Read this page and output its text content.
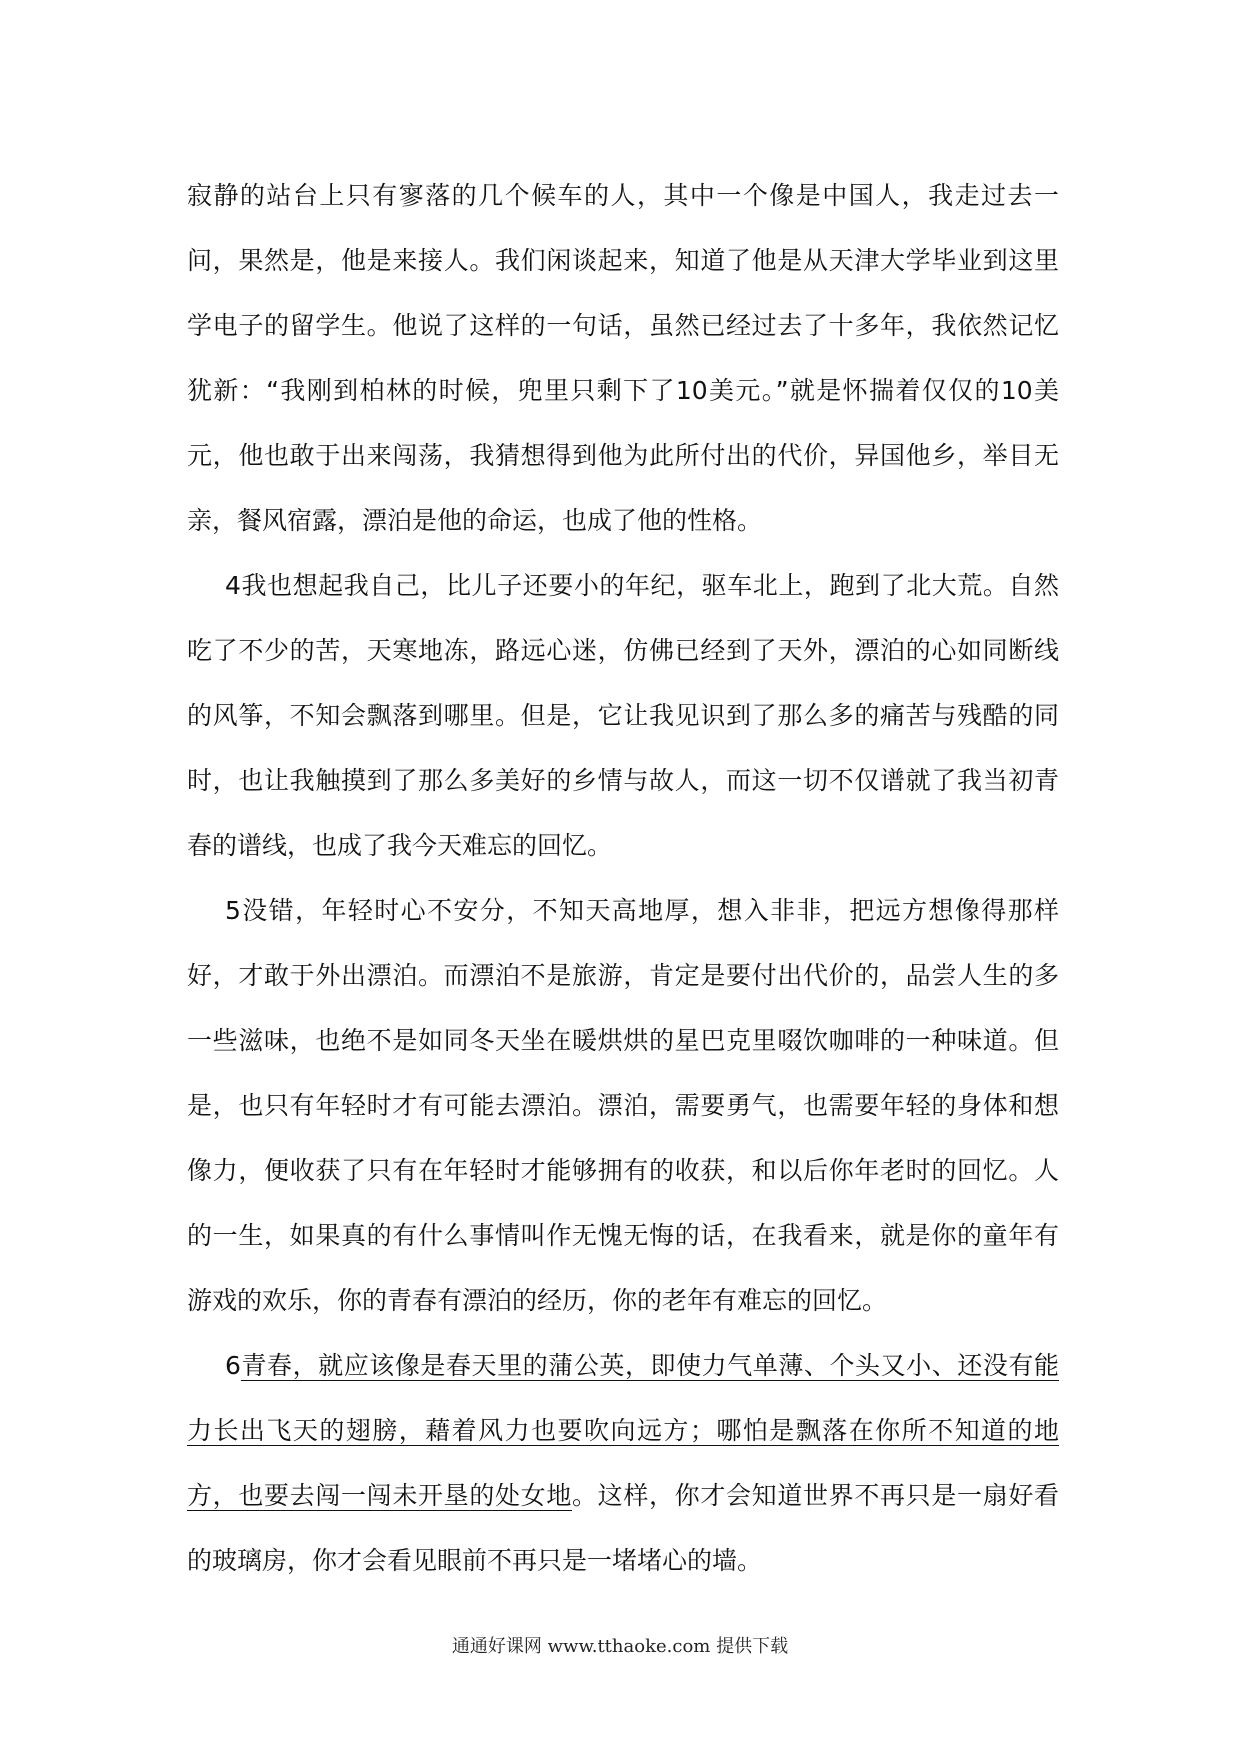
寂静的站台上只有寥落的几个候车的人，其中一个像是中国人，我走过去一问，果然是，他是来接人。我们闲谈起来，知道了他是从天津大学毕业到这里学电子的留学生。他说了这样的一句话，虽然已经过去了十多年，我依然记忆犹新：“我刚到柏林的时候，兜里只剩下了10美元。”就是怀揣着仅仅的10美元，他也敢于出来闯荡，我猜想得到他为此所付出的代价，异国他乡，举目无亲，餐风宿露，漂泊是他的命运，也成了他的性格。

4我也想起我自己，比儿子还要小的年纪，驱车北上，跑到了北大荒。自然吃了不少的苦，天寒地冻，路远心迷，仿佛已经到了天外，漂泊的心如同断线的风筝，不知会飘落到哪里。但是，它让我见识到了那么多的痛苦与残酷的同时，也让我触摸到了那么多美好的乡情与故人，而这一切不仅谱就了我当初青春的谱线，也成了我今天难忘的回忆。

5没错，年轻时心不安分，不知天高地厚，想入非非，把远方想像得那样好，才敢于外出漂泊。而漂泊不是旅游，肯定是要付出代价的，品尝人生的多一些滋味，也绝不是如同冬天坐在暖烘烘的星巴克里啜饮咖啡的一种味道。但是，也只有年轻时才有可能去漂泊。漂泊，需要勇气，也需要年轻的身体和想像力，便收获了只有在年轻时才能够拥有的收获，和以后你年老时的回忆。人的一生，如果真的有什么事情叫作无愧无悔的话，在我看来，就是你的童年有游戏的欢乐，你的青春有漂泊的经历，你的老年有难忘的回忆。

6青春，就应该像是春天里的蒲公英，即使力气单薄、个头又小、还没有能力长出飞天的翅膀，藉着风力也要吹向远方；哪怕是飘落在你所不知道的地方，也要去闯一闯未开垦的处女地。这样，你才会知道世界不再只是一扇好看的玻璃房，你才会看见眼前不再只是一堵堵心的墙。

通通好课网 www.tthaoke.com 提供下载
